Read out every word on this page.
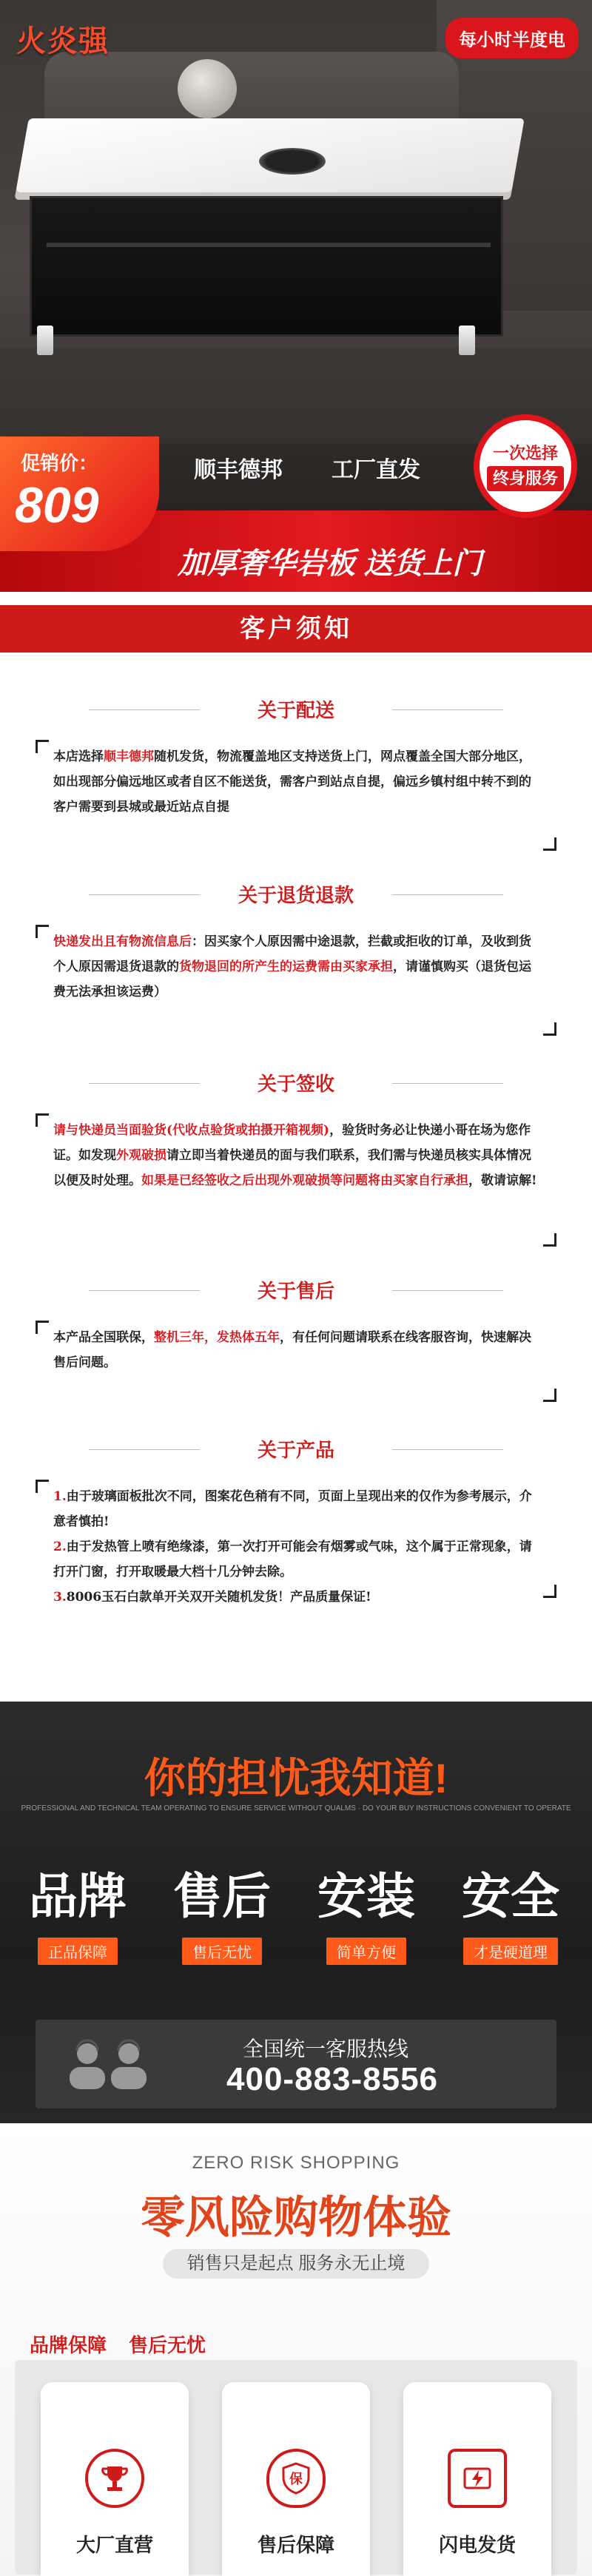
火炎强	每小时半度电
促销价：
809
顺丰德邦 工厂直发
加厚奢华岩板 送货上门
一次选择
终身服务
客户须知
关于配送
本店选择顺丰德邦随机发货，物流覆盖地区支持送货上门，网点覆盖全国大部分地区，如出现部分偏远地区或者自区不能送货，需客户到站点自提，偏远乡镇村组中转不到的客户需要到县城或最近站点自提
关于退货退款
快递发出且有物流信息后：因买家个人原因需中途退款，拦截或拒收的订单，及收到货个人原因需退货退款的货物退回的所产生的运费需由买家承担，请谨慎购买（退货包运费无法承担该运费）
关于签收
请与快递员当面验货(代收点验货或拍摄开箱视频)，验货时务必让快递小哥在场为您作证。如发现外观破损请立即当着快递员的面与我们联系，我们需与快递员核实具体情况以便及时处理。如果是已经签收之后出现外观破损等问题将由买家自行承担，敬请谅解!
关于售后
本产品全国联保，整机三年，发热体五年，有任何问题请联系在线客服咨询，快速解决售后问题。
关于产品
1.由于玻璃面板批次不同，图案花色稍有不同，页面上呈现出来的仅作为参考展示，介意者慎拍!
2.由于发热管上喷有绝缘漆，第一次打开可能会有烟雾或气味，这个属于正常现象，请打开门窗，打开取暖最大档十几分钟去除。
3.8006玉石白款单开关双开关随机发货！产品质量保证!
你的担忧我知道!
PROFESSIONAL AND TECHNICAL TEAM OPERATING TO ENSURE SERVICE WITHOUT QUALMS · DO YOUR BUY INSTRUCTIONS CONVENIENT TO OPERATE
品牌
正品保障
售后
售后无忧
安装
简单方便
安全
才是硬道理
全国统一客服热线
400-883-8556
ZERO RISK SHOPPING
零风险购物体验
销售只是起点 服务永无止境
品牌保障 售后无忧
大厂直营
保
售后保障	闪电发货
